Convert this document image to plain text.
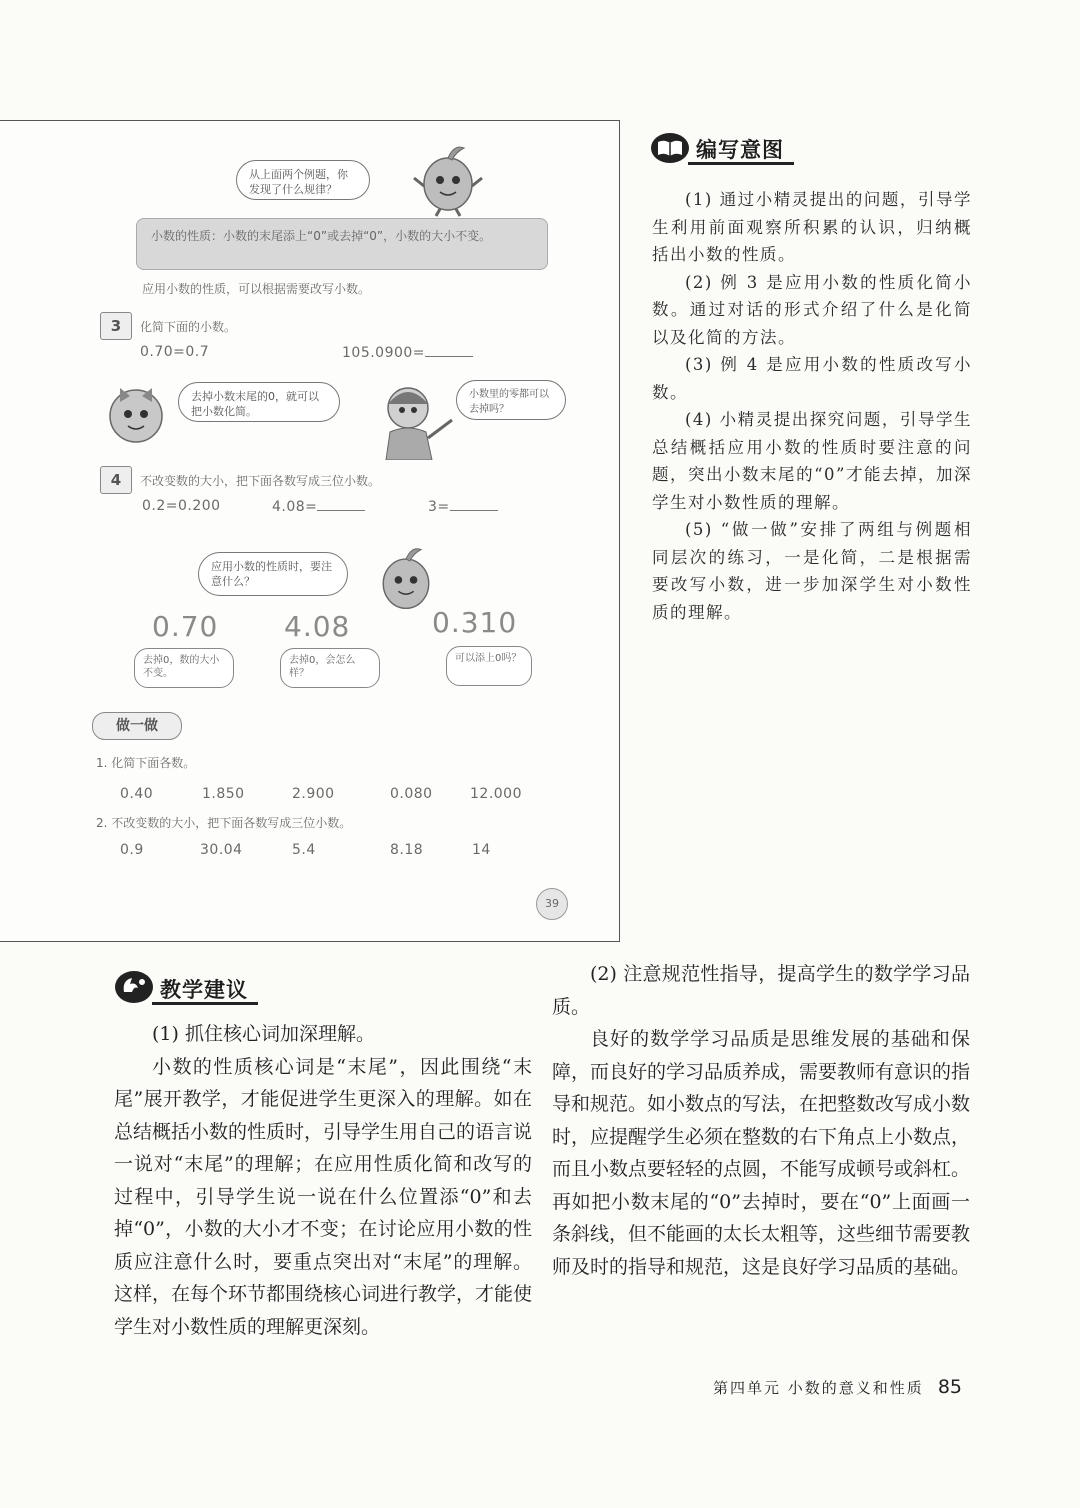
从上面两个例题，你发现了什么规律？
小数的性质：小数的末尾添上“0”或去掉“0”，小数的大小不变。
应用小数的性质，可以根据需要改写小数。
3	化简下面的小数。
0.70=0.7	105.0900=
去掉小数末尾的0，就可以把小数化简。
小数里的零都可以去掉吗？
4	不改变数的大小，把下面各数写成三位小数。
0.2=0.200	4.08=	3=
应用小数的性质时，要注意什么？
0.70 4.08	0.310
去掉0，数的大小不变。
去掉0，会怎么样？
可以添上0吗？
做一做
1. 化简下面各数。
0.40	1.850	2.900	0.080	12.000
2. 不改变数的大小，把下面各数写成三位小数。
0.9	30.04	5.4	8.18	14
39
编写意图

(1) 通过小精灵提出的问题，引导学生利用前面观察所积累的认识，归纳概括出小数的性质。

(2) 例 3 是应用小数的性质化简小数。通过对话的形式介绍了什么是化简以及化简的方法。

(3) 例 4 是应用小数的性质改写小数。

(4) 小精灵提出探究问题，引导学生总结概括应用小数的性质时要注意的问题，突出小数末尾的“0”才能去掉，加深学生对小数性质的理解。

(5) “做一做”安排了两组与例题相同层次的练习，一是化简，二是根据需要改写小数，进一步加深学生对小数性质的理解。

教学建议

(1) 抓住核心词加深理解。

小数的性质核心词是“末尾”，因此围绕“末尾”展开教学，才能促进学生更深入的理解。如在总结概括小数的性质时，引导学生用自己的语言说一说对“末尾”的理解；在应用性质化简和改写的过程中，引导学生说一说在什么位置添“0”和去掉“0”，小数的大小才不变；在讨论应用小数的性质应注意什么时，要重点突出对“末尾”的理解。这样，在每个环节都围绕核心词进行教学，才能使学生对小数性质的理解更深刻。

(2) 注意规范性指导，提高学生的数学学习品质。

良好的数学学习品质是思维发展的基础和保障，而良好的学习品质养成，需要教师有意识的指导和规范。如小数点的写法，在把整数改写成小数时，应提醒学生必须在整数的右下角点上小数点，而且小数点要轻轻的点圆，不能写成顿号或斜杠。再如把小数末尾的“0”去掉时，要在“0”上面画一条斜线，但不能画的太长太粗等，这些细节需要教师及时的指导和规范，这是良好学习品质的基础。

第四单元 小数的意义和性质 85
